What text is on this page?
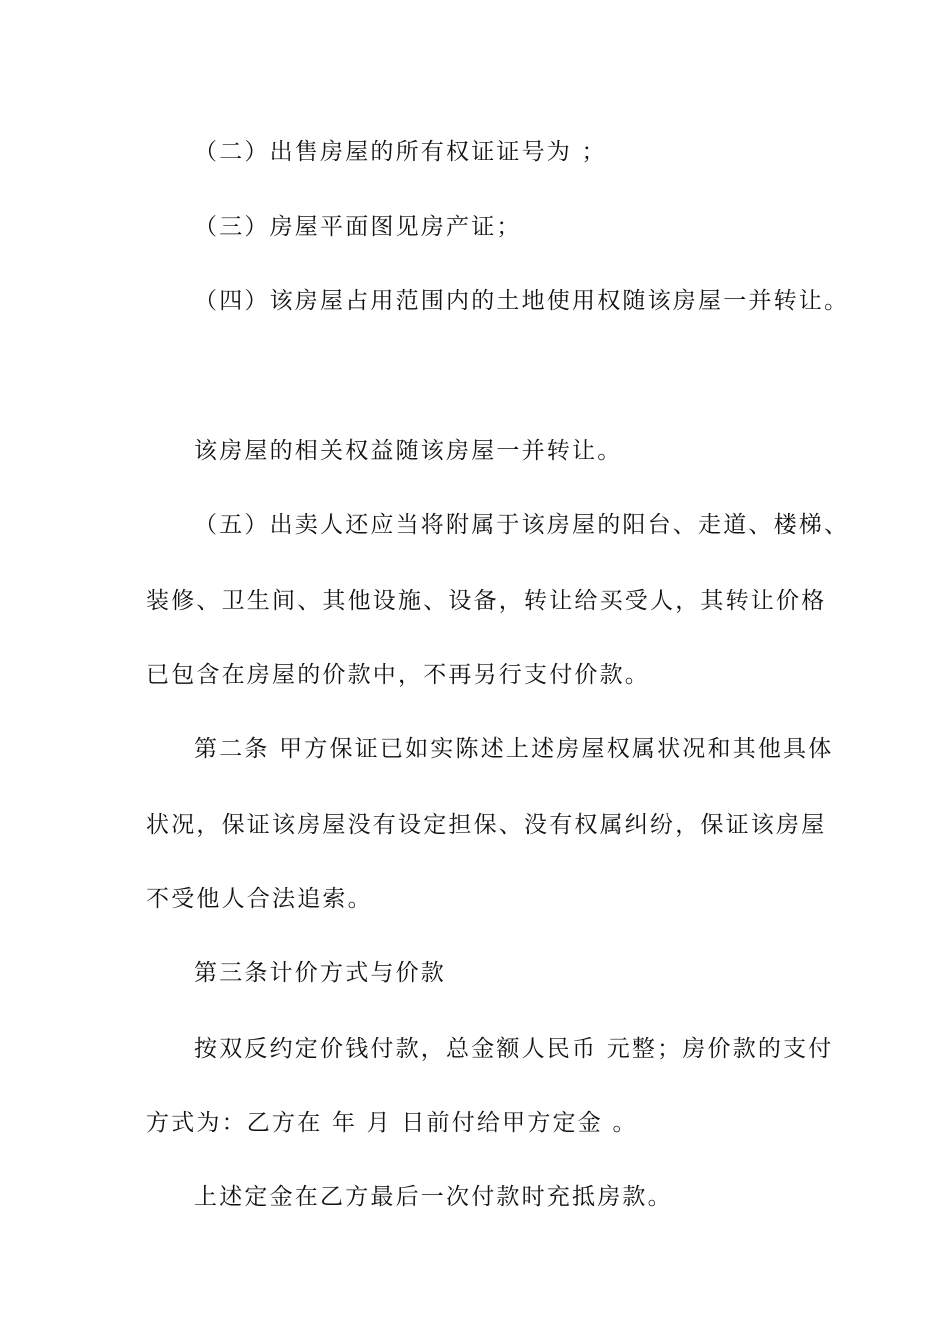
（二）出售房屋的所有权证证号为 ；
（三）房屋平面图见房产证；
（四）该房屋占用范围内的土地使用权随该房屋一并转让。
该房屋的相关权益随该房屋一并转让。
（五）出卖人还应当将附属于该房屋的阳台、走道、楼梯、
装修、卫生间、其他设施、设备，转让给买受人，其转让价格
已包含在房屋的价款中，不再另行支付价款。
第二条 甲方保证已如实陈述上述房屋权属状况和其他具体
状况，保证该房屋没有设定担保、没有权属纠纷，保证该房屋
不受他人合法追索。
第三条计价方式与价款
按双反约定价钱付款，总金额人民币 元整；房价款的支付
方式为：乙方在 年 月 日前付给甲方定金 。
上述定金在乙方最后一次付款时充抵房款。
